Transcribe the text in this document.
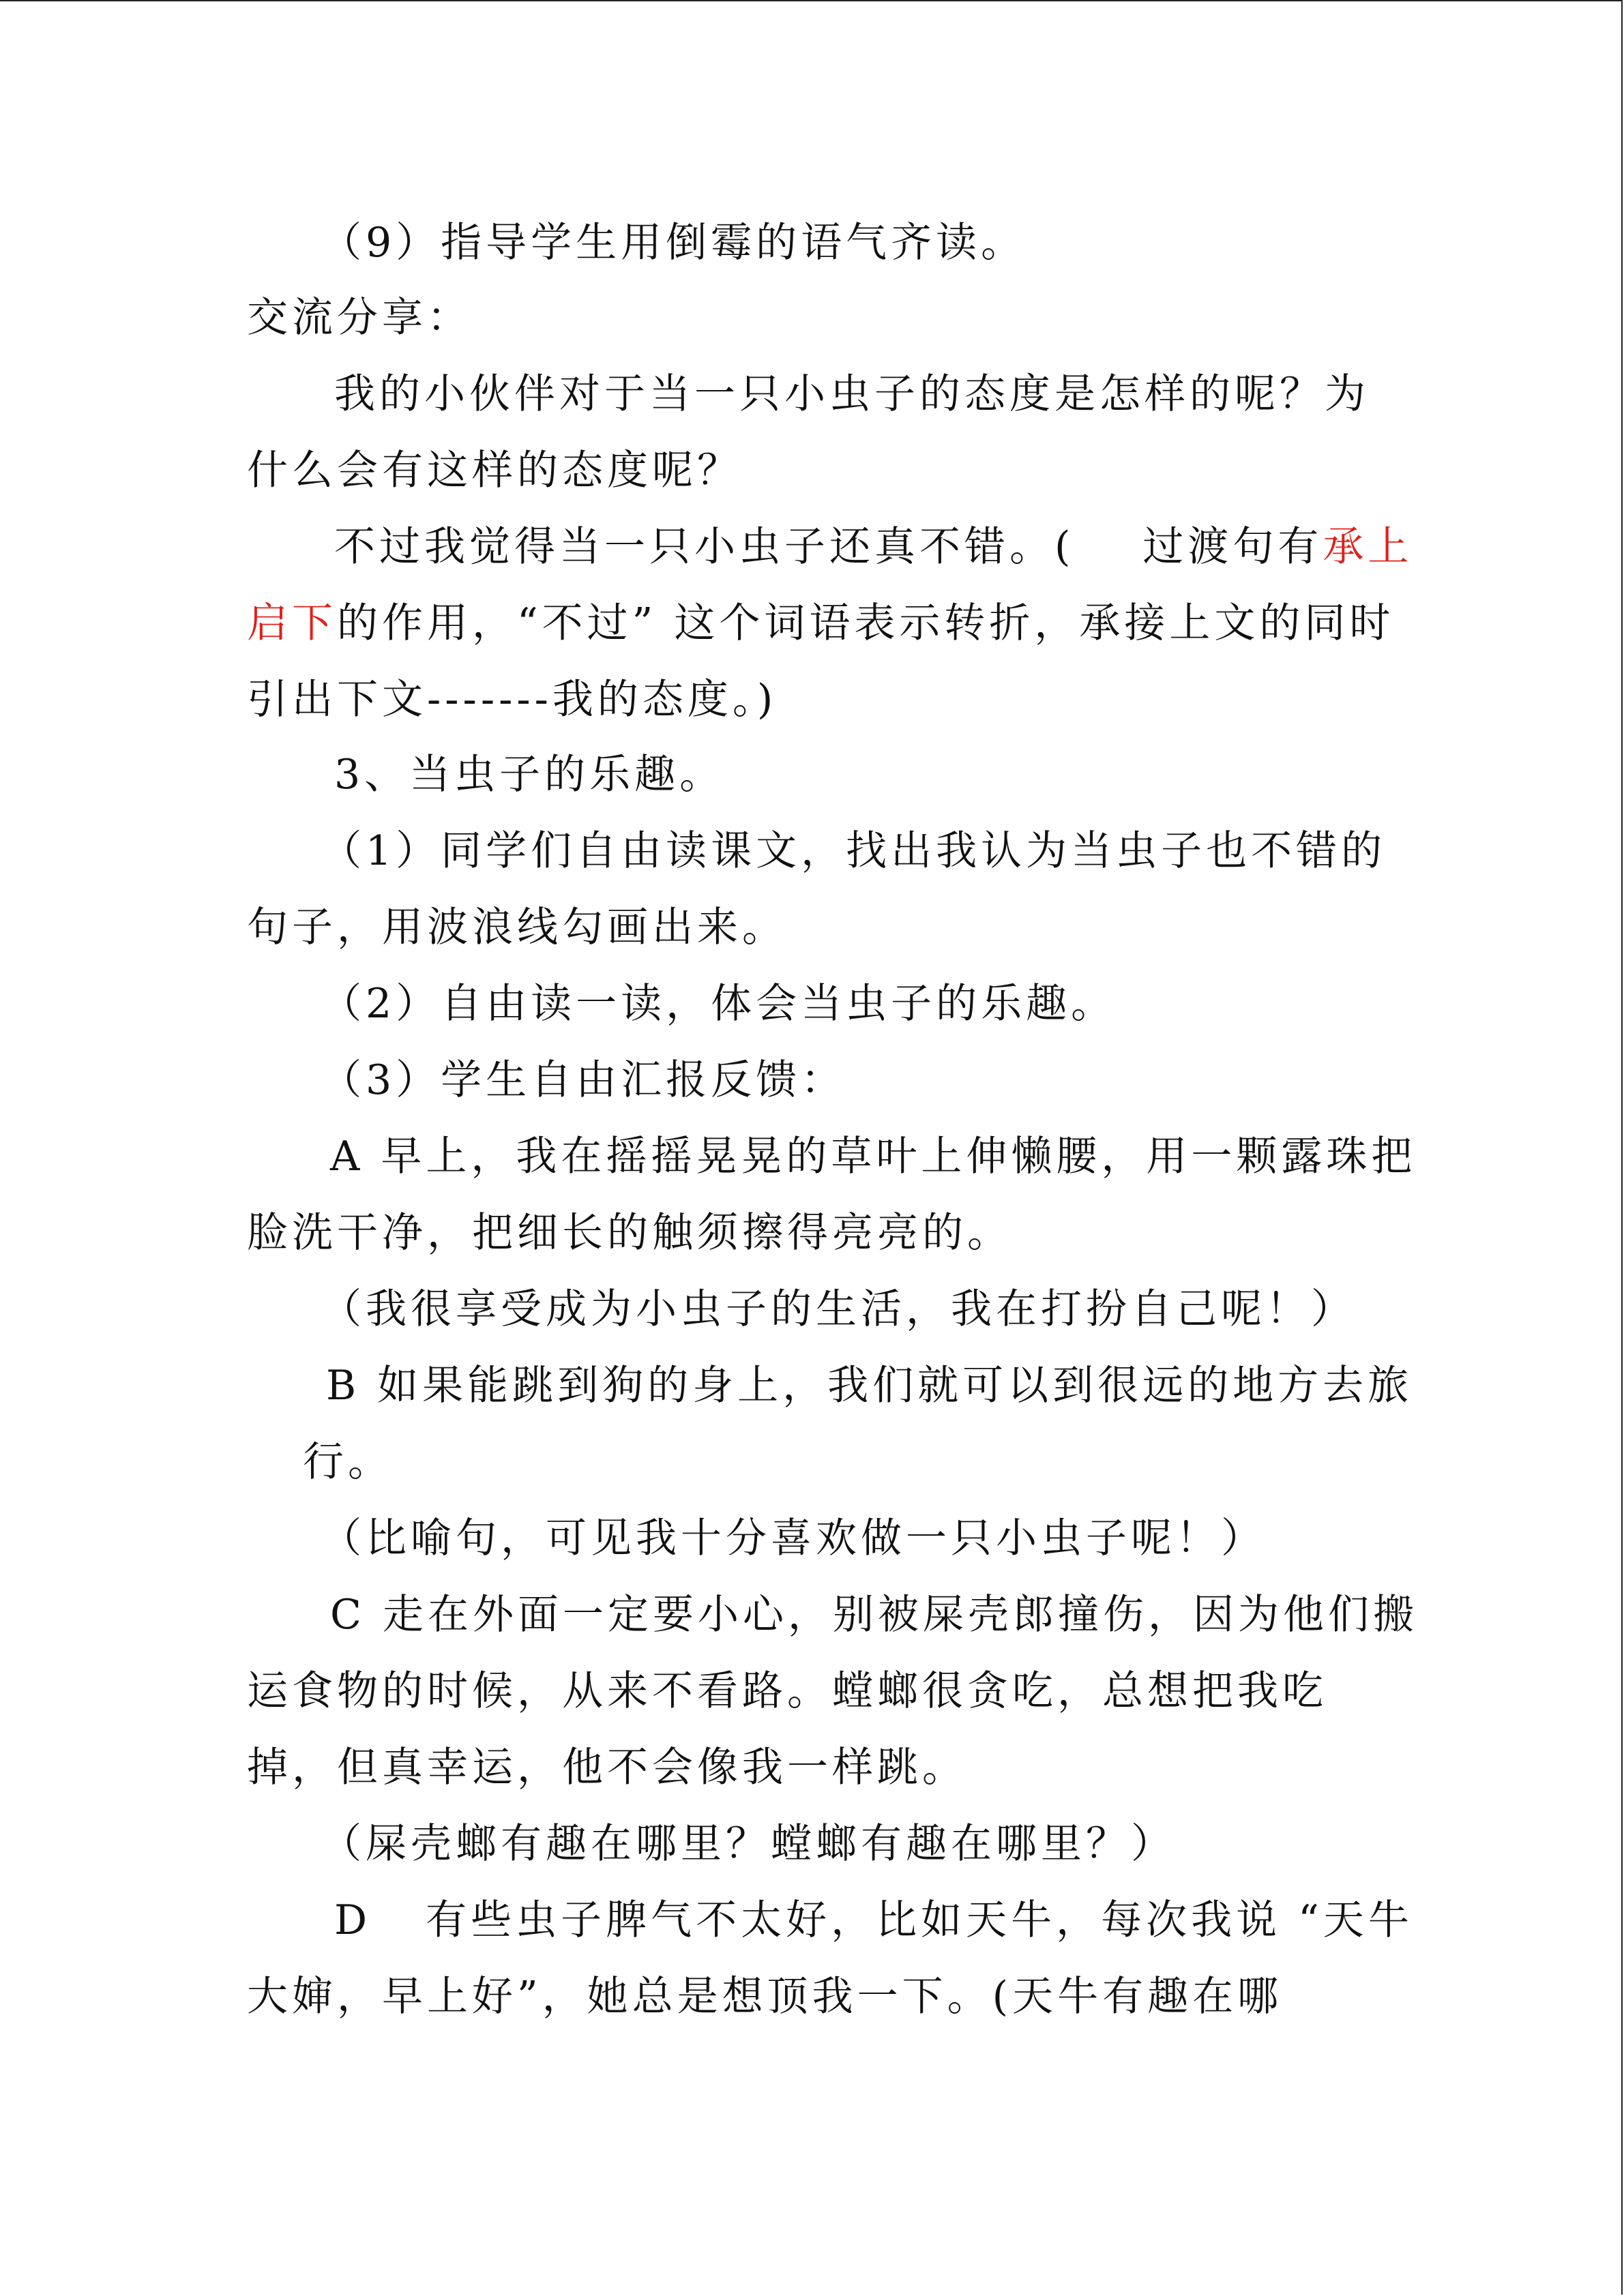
（9）指导学生用倒霉的语气齐读。
交流分享：
我的小伙伴对于当一只小虫子的态度是怎样的呢？为
什么会有这样的态度呢？
不过我觉得当一只小虫子还真不错。( 过渡句有承上
启下的作用，“不过” 这个词语表示转折，承接上文的同时
引出下文-------我的态度。)
3、当虫子的乐趣。
（1）同学们自由读课文，找出我认为当虫子也不错的
句子，用波浪线勾画出来。
（2）自由读一读，体会当虫子的乐趣。
（3）学生自由汇报反馈：
A 早上，我在摇摇晃晃的草叶上伸懒腰，用一颗露珠把
脸洗干净，把细长的触须擦得亮亮的。
（我很享受成为小虫子的生活，我在打扮自己呢！）
B 如果能跳到狗的身上，我们就可以到很远的地方去旅
行。
（比喻句，可见我十分喜欢做一只小虫子呢！）
C 走在外面一定要小心，别被屎壳郎撞伤，因为他们搬
运食物的时候，从来不看路。螳螂很贪吃，总想把我吃
掉，但真幸运，他不会像我一样跳。
（屎壳螂有趣在哪里？螳螂有趣在哪里？）
D 有些虫子脾气不太好，比如天牛，每次我说 “天牛
大婶，早上好”，她总是想顶我一下。(天牛有趣在哪
